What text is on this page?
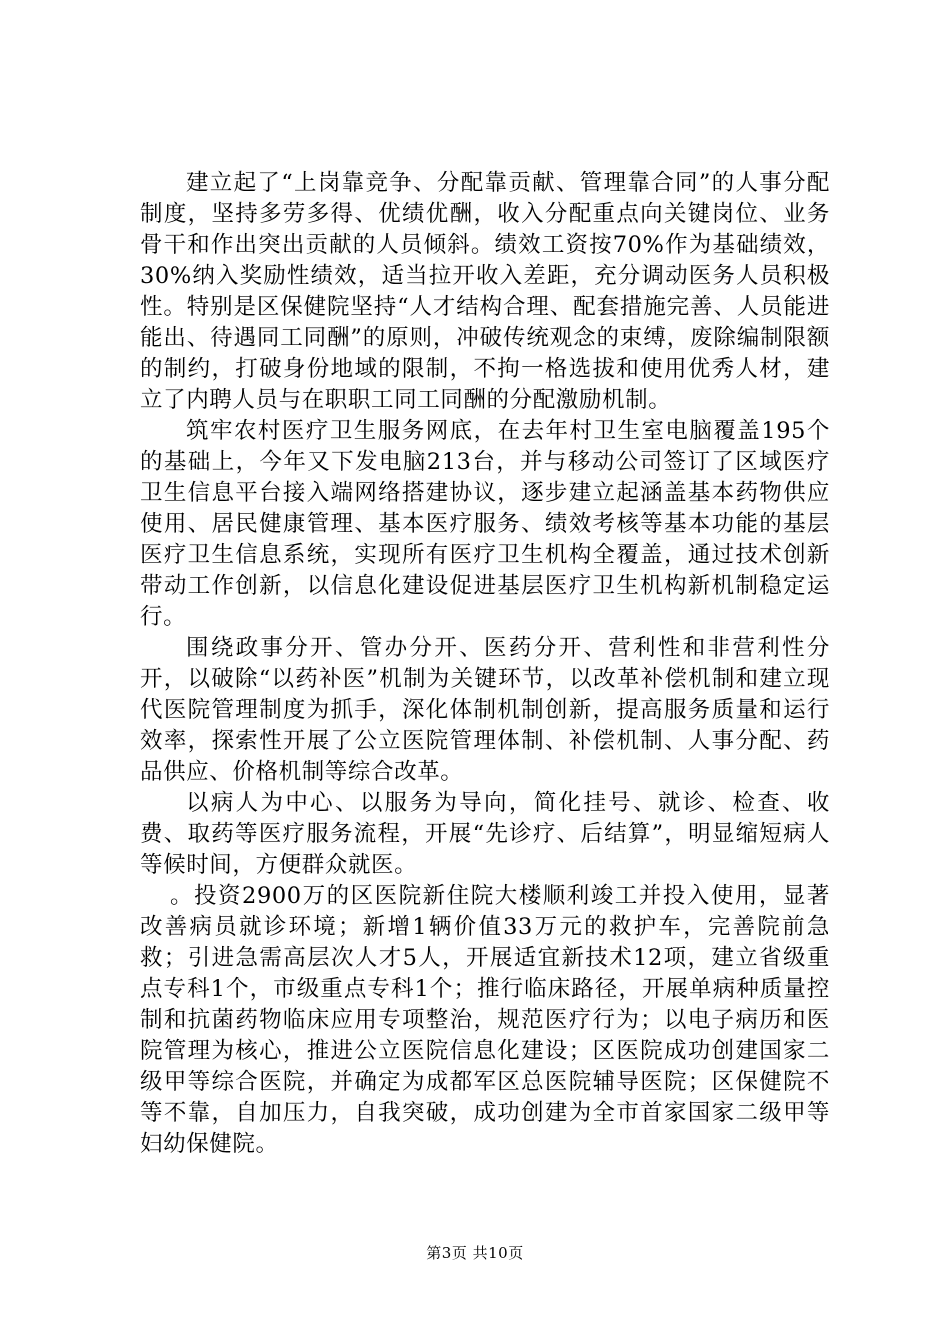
建立起了“上岗靠竞争、分配靠贡献、管理靠合同”的人事分配制度，坚持多劳多得、优绩优酬，收入分配重点向关键岗位、业务骨干和作出突出贡献的人员倾斜。绩效工资按70%作为基础绩效，30%纳入奖励性绩效，适当拉开收入差距，充分调动医务人员积极性。特别是区保健院坚持“人才结构合理、配套措施完善、人员能进能出、待遇同工同酬”的原则，冲破传统观念的束缚，废除编制限额的制约，打破身份地域的限制，不拘一格选拔和使用优秀人材，建立了内聘人员与在职职工同工同酬的分配激励机制。

筑牢农村医疗卫生服务网底，在去年村卫生室电脑覆盖195个的基础上，今年又下发电脑213台，并与移动公司签订了区域医疗卫生信息平台接入端网络搭建协议，逐步建立起涵盖基本药物供应使用、居民健康管理、基本医疗服务、绩效考核等基本功能的基层医疗卫生信息系统，实现所有医疗卫生机构全覆盖，通过技术创新带动工作创新，以信息化建设促进基层医疗卫生机构新机制稳定运行。

围绕政事分开、管办分开、医药分开、营利性和非营利性分开，以破除“以药补医”机制为关键环节，以改革补偿机制和建立现代医院管理制度为抓手，深化体制机制创新，提高服务质量和运行效率，探索性开展了公立医院管理体制、补偿机制、人事分配、药品供应、价格机制等综合改革。

以病人为中心、以服务为导向，简化挂号、就诊、检查、收费、取药等医疗服务流程，开展“先诊疗、后结算”，明显缩短病人等候时间，方便群众就医。

。投资2900万的区医院新住院大楼顺利竣工并投入使用，显著改善病员就诊环境；新增1辆价值33万元的救护车，完善院前急救；引进急需高层次人才5人，开展适宜新技术12项，建立省级重点专科1个，市级重点专科1个；推行临床路径，开展单病种质量控制和抗菌药物临床应用专项整治，规范医疗行为；以电子病历和医院管理为核心，推进公立医院信息化建设；区医院成功创建国家二级甲等综合医院，并确定为成都军区总医院辅导医院；区保健院不等不靠，自加压力，自我突破，成功创建为全市首家国家二级甲等妇幼保健院。

第3页 共10页
